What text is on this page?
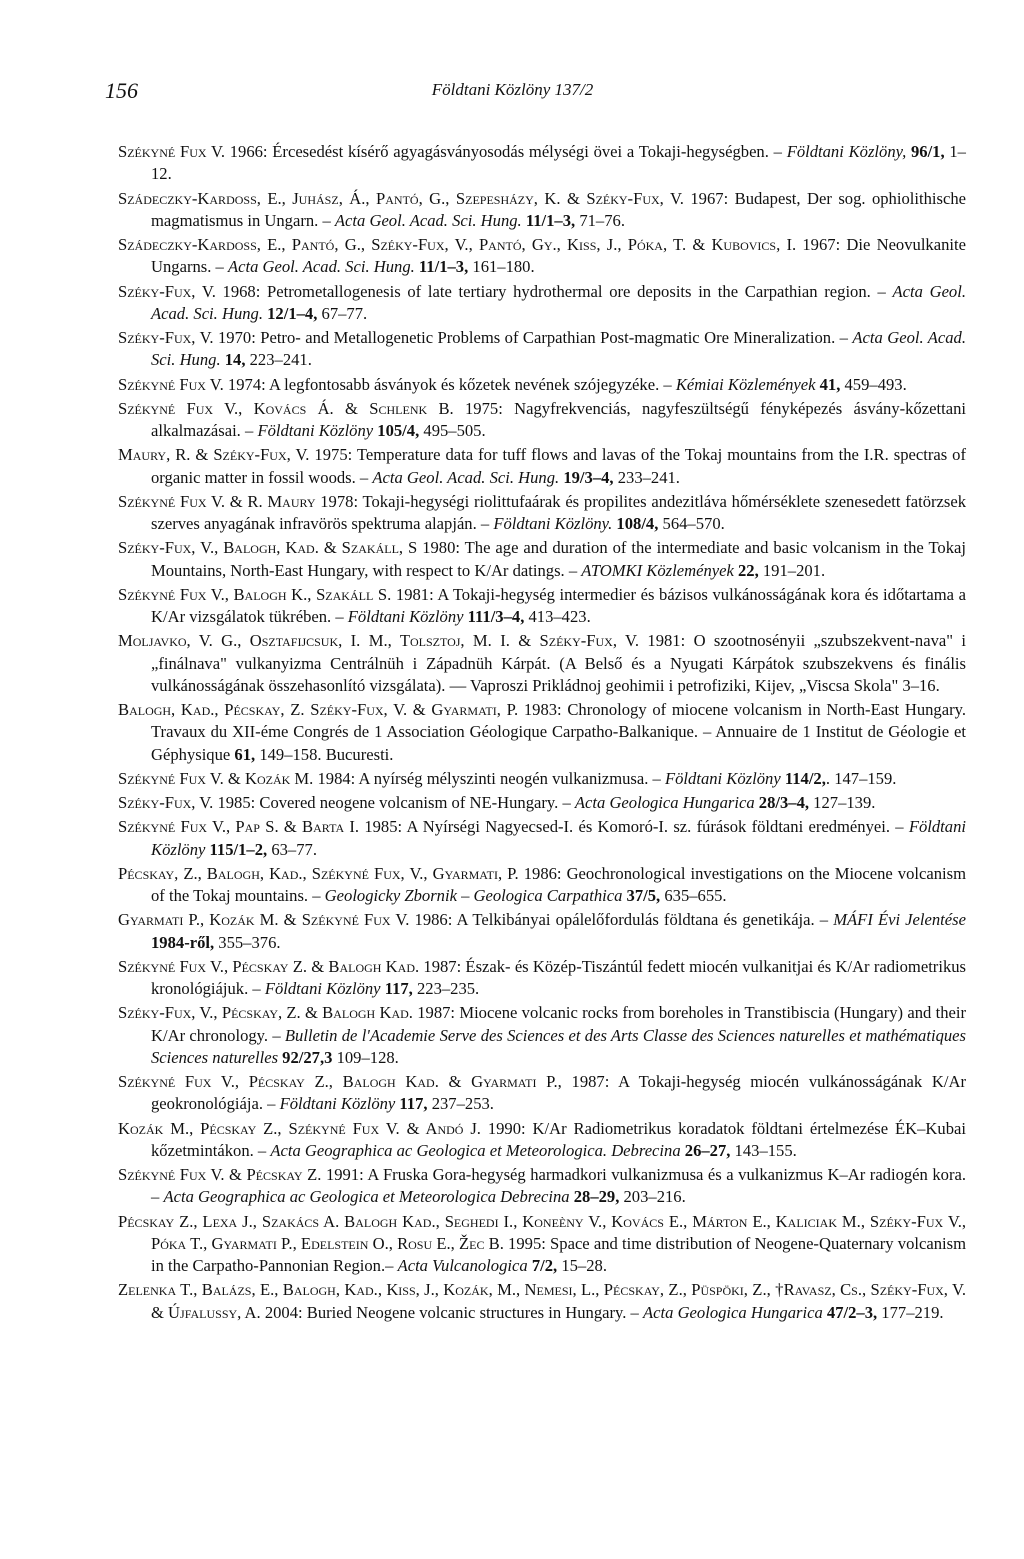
156	Földtani Közlöny 137/2

Székyné Fux V. 1966: Ércesedést kísérő agyagásványosodás mélységi övei a Tokaji-hegységben. – Földtani Közlöny, 96/1, 1–12.

Szádeczky-Kardoss, E., Juhász, Á., Pantó, G., Szepesházy, K. & Széky-Fux, V. 1967: Budapest, Der sog. ophiolithische magmatismus in Ungarn. – Acta Geol. Acad. Sci. Hung. 11/1–3, 71–76.

Szádeczky-Kardoss, E., Pantó, G., Széky-Fux, V., Pantó, Gy., Kiss, J., Póka, T. & Kubovics, I. 1967: Die Neovulkanite Ungarns. – Acta Geol. Acad. Sci. Hung. 11/1–3, 161–180.

Széky-Fux, V. 1968: Petrometallogenesis of late tertiary hydrothermal ore deposits in the Carpathian region. – Acta Geol. Acad. Sci. Hung. 12/1–4, 67–77.

Széky-Fux, V. 1970: Petro- and Metallogenetic Problems of Carpathian Post-magmatic Ore Mineralization. – Acta Geol. Acad. Sci. Hung. 14, 223–241.

Székyné Fux V. 1974: A legfontosabb ásványok és kőzetek nevének szójegyzéke. – Kémiai Közlemények 41, 459–493.

Székyné Fux V., Kovács Á. & Schlenk B. 1975: Nagyfrekvenciás, nagyfeszültségű fényképezés ásvány-kőzettani alkalmazásai. – Földtani Közlöny 105/4, 495–505.

Maury, R. & Széky-Fux, V. 1975: Temperature data for tuff flows and lavas of the Tokaj mountains from the I.R. spectras of organic matter in fossil woods. – Acta Geol. Acad. Sci. Hung. 19/3–4, 233–241.

Székyné Fux V. & R. Maury 1978: Tokaji-hegységi riolittufaárak és propilites andezitláva hőmérséklete szenesedett fatörzsek szerves anyagának infravörös spektruma alapján. – Földtani Közlöny. 108/4, 564–570.

Széky-Fux, V., Balogh, Kad. & Szakáll, S 1980: The age and duration of the intermediate and basic volcanism in the Tokaj Mountains, North-East Hungary, with respect to K/Ar datings. – ATOMKI Közlemények 22, 191–201.

Székyné Fux V., Balogh K., Szakáll S. 1981: A Tokaji-hegység intermedier és bázisos vulkánosságának kora és időtartama a K/Ar vizsgálatok tükrében. – Földtani Közlöny 111/3–4, 413–423.

Moljavko, V. G., Osztafijcsuk, I. M., Tolsztoj, M. I. & Széky-Fux, V. 1981: O szootnosényii „szubszekvent-nava" i „finálnava" vulkanyizma Centrálnüh i Západnüh Kárpát. (A Belső és a Nyugati Kárpátok szubszekvens és finális vulkánosságának összehasonlító vizsgálata). — Vaproszi Prikládnoj geohimii i petrofiziki, Kijev, „Viscsa Skola" 3–16.

Balogh, Kad., Pécskay, Z. Széky-Fux, V. & Gyarmati, P. 1983: Chronology of miocene volcanism in North-East Hungary. Travaux du XII-éme Congrés de 1 Association Géologique Carpatho-Balkanique. – Annuaire de 1 Institut de Géologie et Géphysique 61, 149–158. Bucuresti.

Székyné Fux V. & Kozák M. 1984: A nyírség mélyszinti neogén vulkanizmusa. – Földtani Közlöny 114/2,. 147–159.

Széky-Fux, V. 1985: Covered neogene volcanism of NE-Hungary. – Acta Geologica Hungarica 28/3–4, 127–139.

Székyné Fux V., Pap S. & Barta I. 1985: A Nyírségi Nagyecsed-I. és Komoró-I. sz. fúrások földtani eredményei. – Földtani Közlöny 115/1–2, 63–77.

Pécskay, Z., Balogh, Kad., Székyné Fux, V., Gyarmati, P. 1986: Geochronological investigations on the Miocene volcanism of the Tokaj mountains. – Geologicky Zbornik – Geologica Carpathica 37/5, 635–655.

Gyarmati P., Kozák M. & Székyné Fux V. 1986: A Telkibányai opálelőfordulás földtana és genetikája. – MÁFI Évi Jelentése 1984-ről, 355–376.

Székyné Fux V., Pécskay Z. & Balogh Kad. 1987: Észak- és Közép-Tiszántúl fedett miocén vulkanitjai és K/Ar radiometrikus kronológiájuk. – Földtani Közlöny 117, 223–235.

Széky-Fux, V., Pécskay, Z. & Balogh Kad. 1987: Miocene volcanic rocks from boreholes in Transtibiscia (Hungary) and their K/Ar chronology. – Bulletin de l'Academie Serve des Sciences et des Arts Classe des Sciences naturelles et mathématiques Sciences naturelles 92/27,3 109–128.

Székyné Fux V., Pécskay Z., Balogh Kad. & Gyarmati P., 1987: A Tokaji-hegység miocén vulkánosságának K/Ar geokronológiája. – Földtani Közlöny 117, 237–253.

Kozák M., Pécskay Z., Székyné Fux V. & Andó J. 1990: K/Ar Radiometrikus koradatok földtani értelmezése ÉK–Kubai kőzetmintákon. – Acta Geographica ac Geologica et Meteorologica. Debrecina 26–27, 143–155.

Székyné Fux V. & Pécskay Z. 1991: A Fruska Gora-hegység harmadkori vulkanizmusa és a vulkanizmus K–Ar radiogén kora. – Acta Geographica ac Geologica et Meteorologica Debrecina 28–29, 203–216.

Pécskay Z., Lexa J., Szakács A. Balogh Kad., Seghedi I., Koneèny V., Kovács E., Márton E., Kaliciak M., Széky-Fux V., Póka T., Gyarmati P., Edelstein O., Rosu E., Žec B. 1995: Space and time distribution of Neogene-Quaternary volcanism in the Carpatho-Pannonian Region.– Acta Vulcanologica 7/2, 15–28.

Zelenka T., Balázs, E., Balogh, Kad., Kiss, J., Kozák, M., Nemesi, L., Pécskay, Z., Püspöki, Z., †Ravasz, Cs., Széky-Fux, V. & Újfalussy, A. 2004: Buried Neogene volcanic structures in Hungary. – Acta Geologica Hungarica 47/2–3, 177–219.
